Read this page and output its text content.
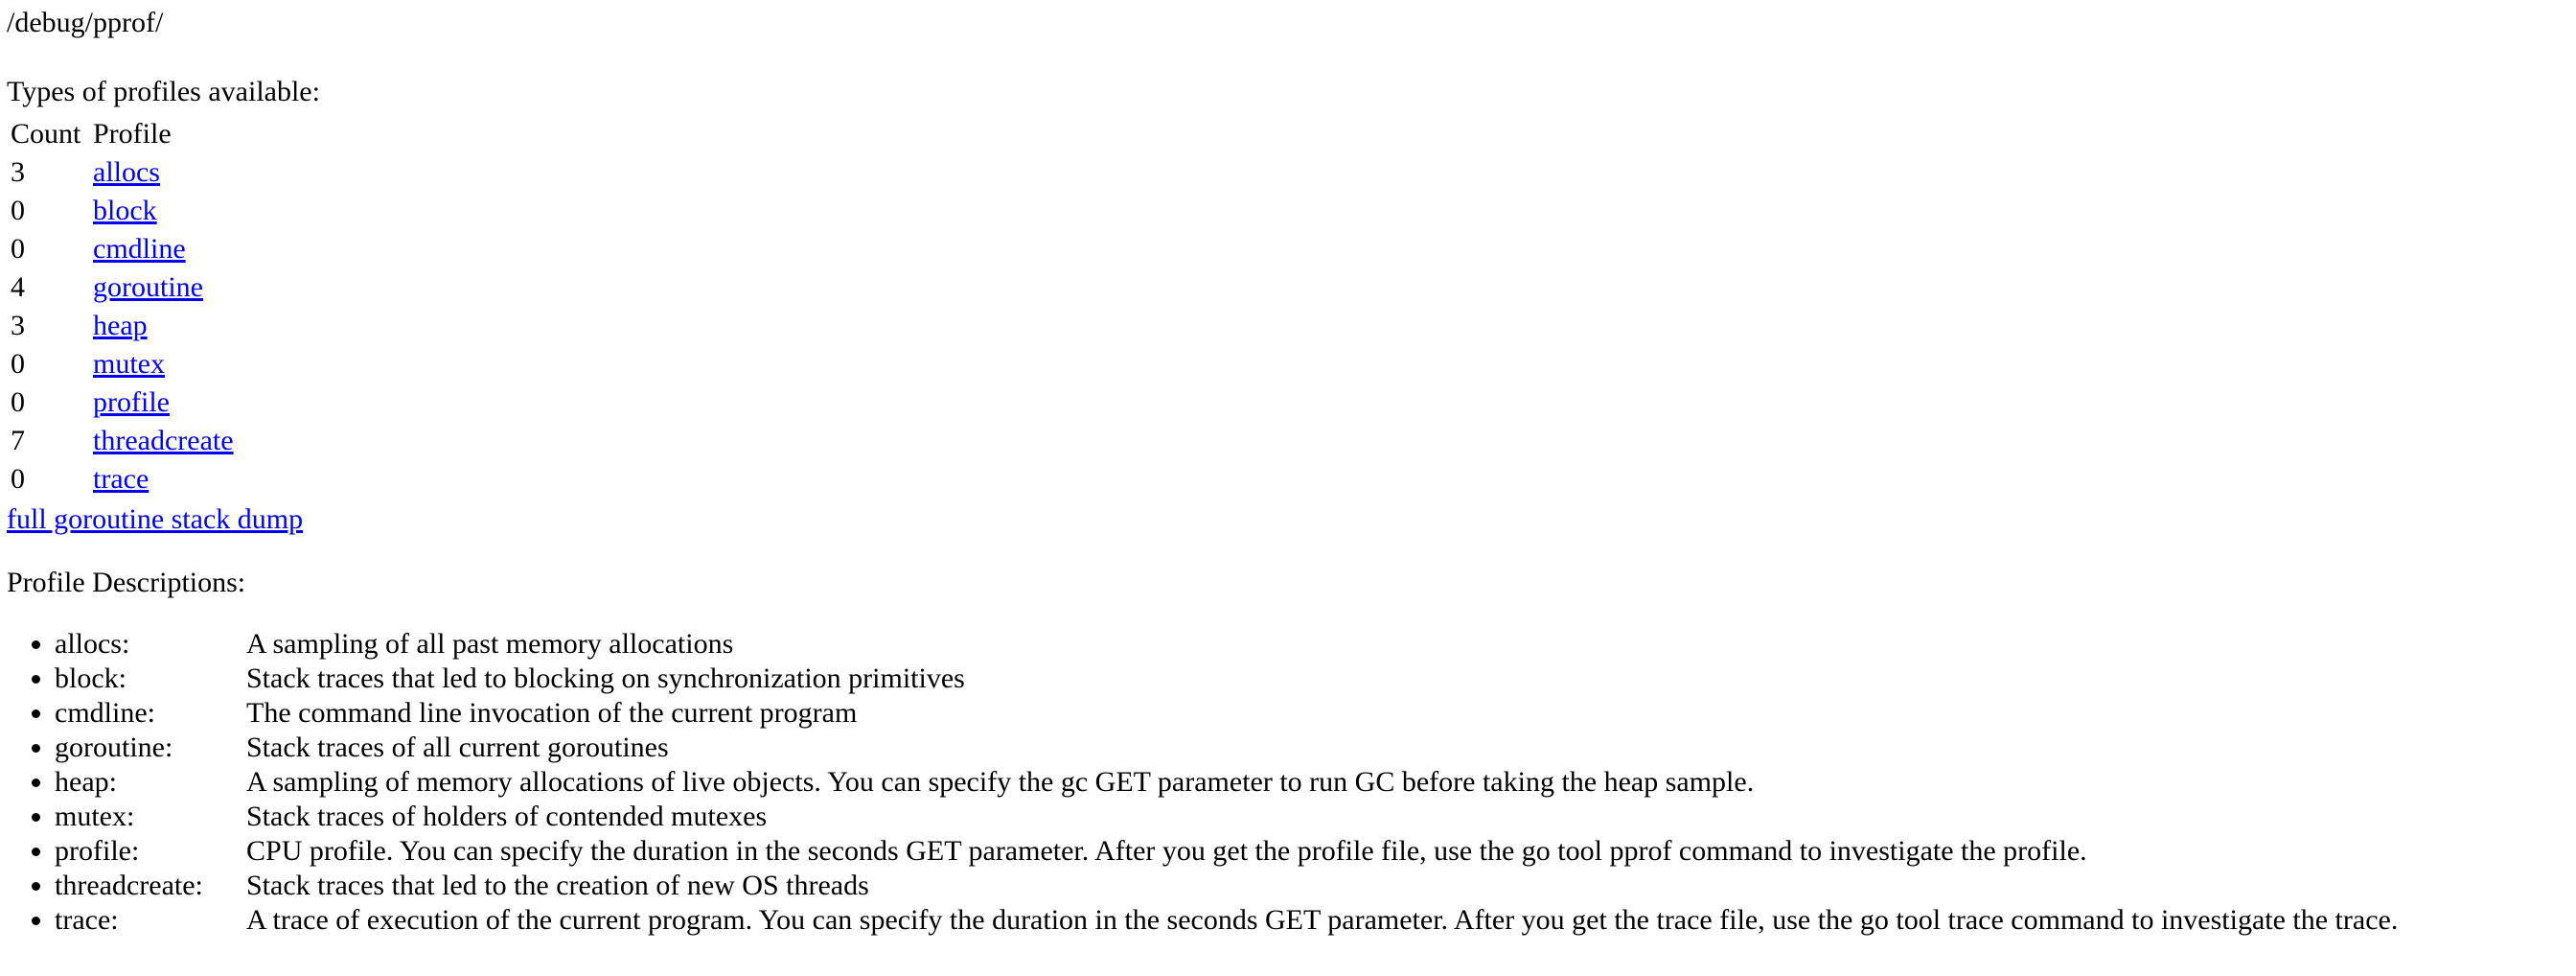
/debug/pprof/
Types of profiles available:
Count	Profile
3	allocs
0	block
0	cmdline
4	goroutine
3	heap
0	mutex
0	profile
7	threadcreate
0	trace
full goroutine stack dump
Profile Descriptions:
• allocs:	A sampling of all past memory allocations
• block:	Stack traces that led to blocking on synchronization primitives
• cmdline:	The command line invocation of the current program
• goroutine:	Stack traces of all current goroutines
• heap:	A sampling of memory allocations of live objects. You can specify the gc GET parameter to run GC before taking the heap sample.
• mutex:	Stack traces of holders of contended mutexes
• profile:	CPU profile. You can specify the duration in the seconds GET parameter. After you get the profile file, use the go tool pprof command to investigate the profile.
• threadcreate: Stack traces that led to the creation of new OS threads
• trace:	A trace of execution of the current program. You can specify the duration in the seconds GET parameter. After you get the trace file, use the go tool trace command to investigate the trace.
